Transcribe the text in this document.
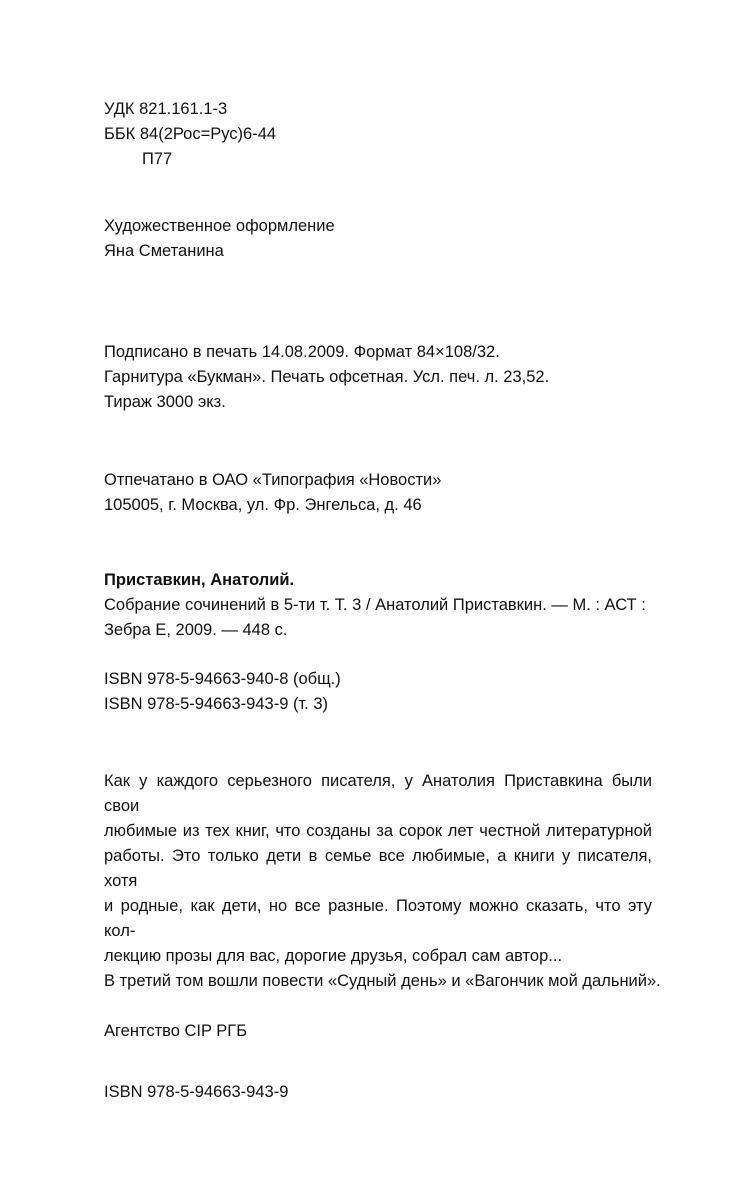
УДК 821.161.1-3
ББК 84(2Рос=Рус)6-44
П77
Художественное оформление
Яна Сметанина
Подписано в печать 14.08.2009. Формат 84×108/32.
Гарнитура «Букман». Печать офсетная. Усл. печ. л. 23,52.
Тираж 3000 экз.
Отпечатано в ОАО «Типография «Новости»
105005, г. Москва, ул. Фр. Энгельса, д. 46
Приставкин, Анатолий.
Собрание сочинений в 5-ти т. Т. 3 / Анатолий Приставкин. — М. : АСТ :
Зебра Е, 2009. — 448 с.
ISBN 978-5-94663-940-8 (общ.)
ISBN 978-5-94663-943-9 (т. 3)
Как у каждого серьезного писателя, у Анатолия Приставкина были свои
любимые из тех книг, что созданы за сорок лет честной литературной
работы. Это только дети в семье все любимые, а книги у писателя, хотя
и родные, как дети, но все разные. Поэтому можно сказать, что эту кол-
лекцию прозы для вас, дорогие друзья, собрал сам автор...
В третий том вошли повести «Судный день» и «Вагончик мой дальний».
Агентство CIP РГБ
ISBN 978-5-94663-943-9
